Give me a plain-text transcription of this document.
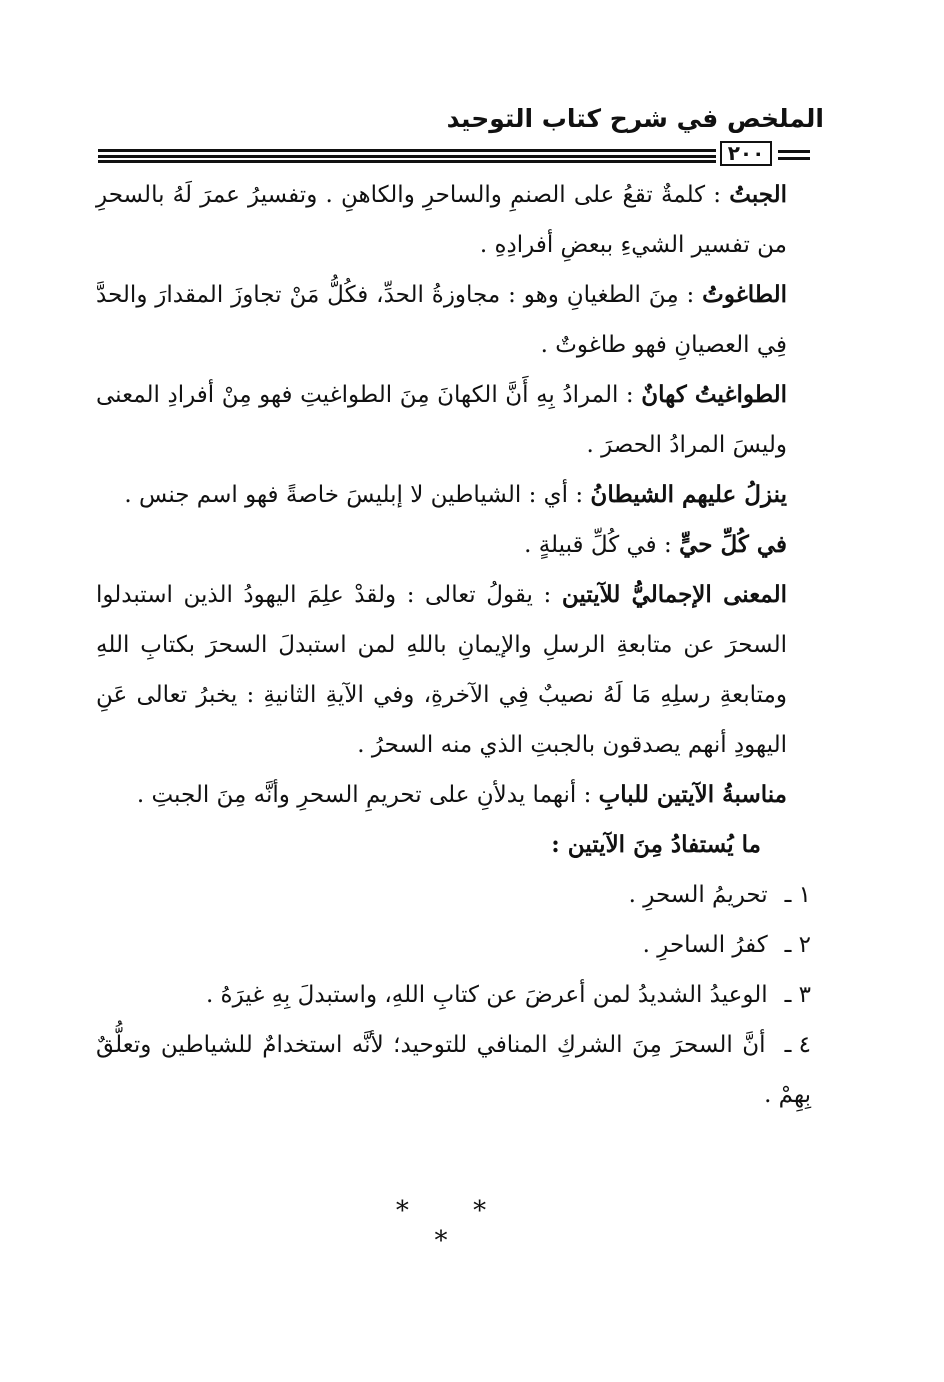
الملخص في شرح كتاب التوحيد
٢٠٠

الجبتُ : كلمةٌ تقعُ على الصنمِ والساحرِ والكاهنِ . وتفسيرُ عمرَ لَهُ بالسحرِ من تفسير الشيءِ ببعضِ أفرادِهِ .

الطاغوتُ : مِنَ الطغيانِ وهو : مجاوزةُ الحدِّ، فكُلُّ مَنْ تجاوزَ المقدارَ والحدَّ فِي العصيانِ فهو طاغوتٌ .

الطواغيتُ كهانٌ : المرادُ بِهِ أَنَّ الكهانَ مِنَ الطواغيتِ فهو مِنْ أفرادِ المعنى وليسَ المرادُ الحصرَ .

ينزلُ عليهم الشيطانُ : أي : الشياطين لا إبليسَ خاصةً فهو اسم جنس .

في كُلِّ حيٍّ : في كُلِّ قبيلةٍ .

المعنى الإجماليُّ للآيتين : يقولُ تعالى : ولقدْ علِمَ اليهودُ الذين استبدلوا السحرَ عن متابعةِ الرسلِ والإيمانِ باللهِ لمن استبدلَ السحرَ بكتابِ اللهِ ومتابعةِ رسلِهِ مَا لَهُ نصيبٌ فِي الآخرةِ، وفي الآيةِ الثانيةِ : يخبرُ تعالى عَنِ اليهودِ أنهم يصدقون بالجبتِ الذي منه السحرُ .

مناسبةُ الآيتين للبابِ : أنهما يدلأنِ على تحريمِ السحرِ وأنَّه مِنَ الجبتِ .

ما يُستفادُ مِنَ الآيتين :

١ ـ تحريمُ السحرِ .

٢ ـ كفرُ الساحرِ .

٣ ـ الوعيدُ الشديدُ لمن أعرضَ عن كتابِ اللهِ، واستبدلَ بِهِ غيرَهُ .

٤ ـ أنَّ السحرَ مِنَ الشركِ المنافي للتوحيد؛ لأنَّه استخدامٌ للشياطين وتعلُّقٌ بِهِمْ .

* * *
